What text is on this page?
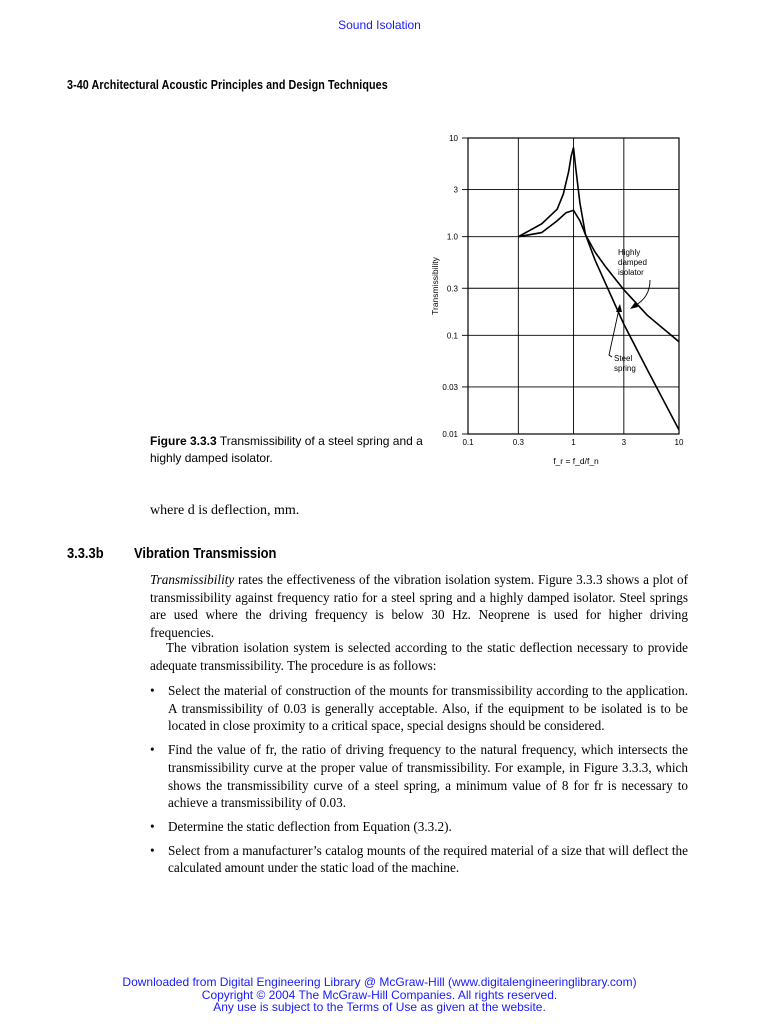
Sound Isolation
3-40 Architectural Acoustic Principles and Design Techniques
0.01
0.03
0.1
0.3
1.0
3
10
0.1	0.3	1	3	10
Transmissibility
f_r = f_d/f_n
Highly
damped
isolator
Steel
spring
Figure 3.3.3 Transmissibility of a steel spring and a highly damped isolator.
where d is deflection, mm.
3.3.3b Vibration Transmission

Transmissibility rates the effectiveness of the vibration isolation system. Figure 3.3.3 shows a plot of transmissibility against frequency ratio for a steel spring and a highly damped isolator. Steel springs are used where the driving frequency is below 30 Hz. Neoprene is used for higher driving frequencies.

The vibration isolation system is selected according to the static deflection necessary to provide adequate transmissibility. The procedure is as follows:

• Select the material of construction of the mounts for transmissibility according to the application. A transmissibility of 0.03 is generally acceptable. Also, if the equipment to be isolated is to be located in close proximity to a critical space, special designs should be considered.
• Find the value of fr, the ratio of driving frequency to the natural frequency, which intersects the transmissibility curve at the proper value of transmissibility. For example, in Figure 3.3.3, which shows the transmissibility curve of a steel spring, a minimum value of 8 for fr is necessary to achieve a transmissibility of 0.03.
• Determine the static deflection from Equation (3.3.2).
• Select from a manufacturer’s catalog mounts of the required material of a size that will deflect the calculated amount under the static load of the machine.
Downloaded from Digital Engineering Library @ McGraw-Hill (www.digitalengineeringlibrary.com)
Copyright © 2004 The McGraw-Hill Companies. All rights reserved.
Any use is subject to the Terms of Use as given at the website.
